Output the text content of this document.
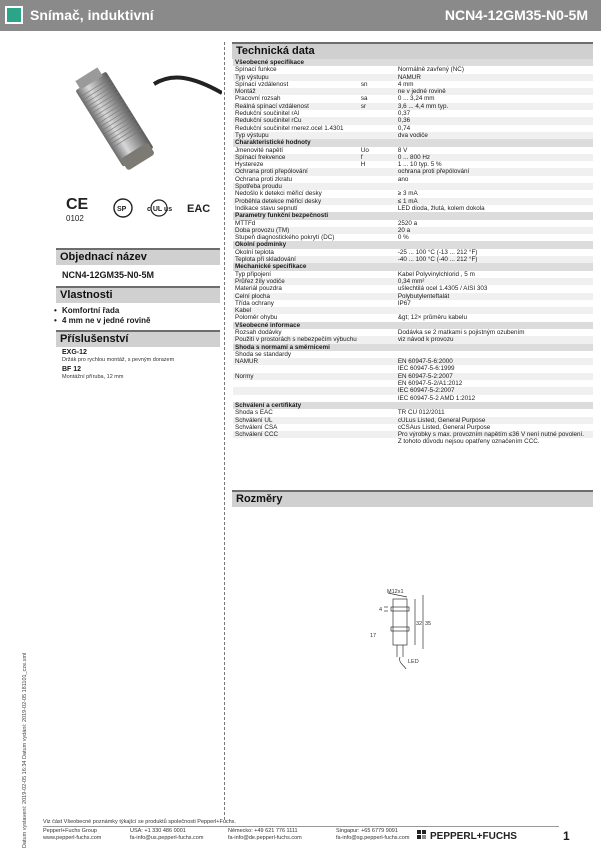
Snímač, induktivní	NCN4-12GM35-N0-5M
CE
0102
SP	c UL us EAC
Objednací název
NCN4-12GM35-N0-5M
Vlastnosti
• Komfortní řada
• 4 mm ne v jedné rovině
Příslušenství
EXG-12
Držák pro rychlou montáž, s pevným dorazem
BF 12
Montážní příruba, 12 mm
Technická data
Všeobecné specifikace		
Spínací funkce		Normálně zavřený (NC)
Typ výstupu		NAMUR
Spínací vzdálenost	sn	4 mm
Montáž		ne v jedné rovině
Pracovní rozsah	sa	0 ... 3,24 mm
Reálná spínací vzdálenost	sr	3,6 ... 4,4 mm typ.
Redukční součinitel rAl		0,37
Redukční součinitel rCu		0,36
Redukční součinitel rnerez.ocel 1.4301		0,74
Typ výstupu		dva vodiče
Charakteristické hodnoty		
Jmenovité napětí	Uo	8 V
Spínací frekvence	f	0 ... 800 Hz
Hystereze	H	1 ... 10 typ. 5 %
Ochrana proti přepólování		ochrana proti přepólování
Ochrana proti zkratu		ano
Spotřeba proudu		
Nedošlo k detekci měřicí desky		≥ 3 mA
Proběhla detekce měřicí desky		≤ 1 mA
Indikace stavu sepnutí		LED dioda, žlutá, kolem dokola
Parametry funkční bezpečnosti		
MTTFd		2520 a
Doba provozu (TM)		20 a
Stupeň diagnostického pokrytí (DC)		0 %
Okolní podmínky		
Okolní teplota		-25 ... 100 °C (-13 ... 212 °F)
Teplota při skladování		-40 ... 100 °C (-40 ... 212 °F)
Mechanické specifikace		
Typ připojení		Kabel Polyvinylchlorid , 5 m
Průřez žíly vodiče		0,34 mm²
Materiál pouzdra		ušlechtilá ocel 1.4305 / AISI 303
Čelní plocha		Polybutylenteftalát
Třída ochrany		IP67
Kabel		
Poloměr ohybu		&gt; 12× průměru kabelu
Všeobecné informace		
Rozsah dodávky		Dodávka se 2 matkami s pojistným ozubením
Použití v prostorách s nebezpečím výbuchu		viz návod k provozu
Shoda s normami a směrnicemi		
Shoda se standardy		
NAMUR		EN 60947-5-6:2000
		IEC 60947-5-6:1999
Normy		EN 60947-5-2:2007
		EN 60947-5-2/A1:2012
		IEC 60947-5-2:2007
		IEC 60947-5-2 AMD 1:2012
Schválení a certifikáty		
Shoda s EAC		TR CU 012/2011
Schválení UL		cULus Listed, General Purpose
Schválení CSA		cCSAus Listed, General Purpose
Schválení CCC		Pro výrobky s max. provozním napětím ≤36 V není nutné povolení.
		Z tohoto důvodu nejsou opatřeny označením CCC.
Rozměry
M12x1
4
17
32 35
LED
Datum vystavení: 2019-02-05 16:34 Datum vydání: 2019-02-05 181101_cze.xml	Viz část Všeobecné poznámky týkající se produktů společnosti Pepperl+Fuchs.
Pepperl+Fuchs Group
www.pepperl-fuchs.com
USA: +1 330 486 0001
fa-info@us.pepperl-fuchs.com
Německo: +49 621 776 1111
fa-info@de.pepperl-fuchs.com
Singapur: +65 6779 9091
fa-info@sg.pepperl-fuchs.com PEPPERL+FUCHS	1
